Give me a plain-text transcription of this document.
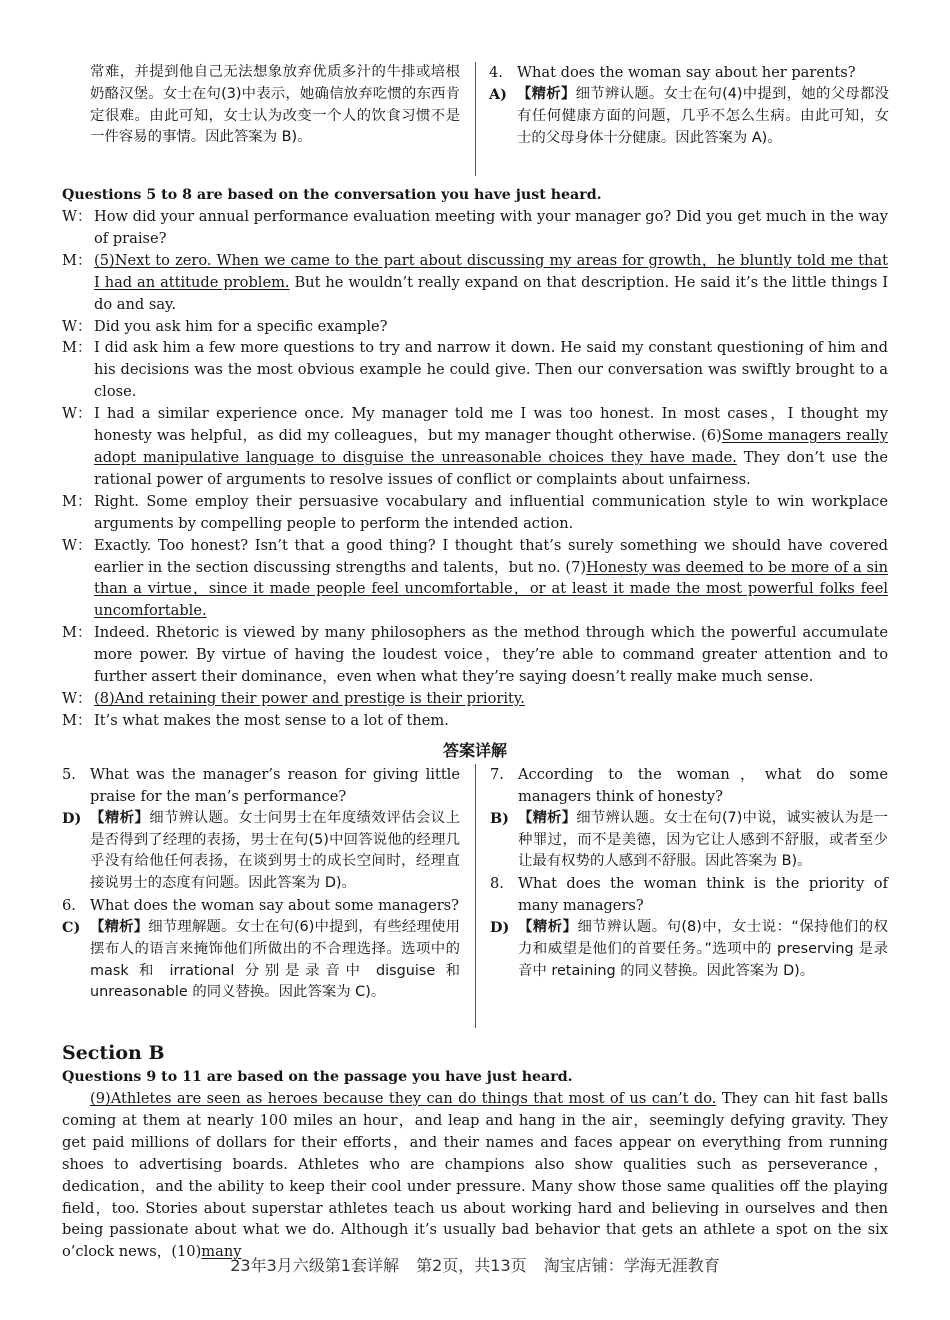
常难，并提到他自己无法想象放弃优质多汁的牛排或培根奶酪汉堡。女士在句(3)中表示，她确信放弃吃惯的东西肯定很难。由此可知，女士认为改变一个人的饮食习惯不是一件容易的事情。因此答案为 B)。
4. What does the woman say about her parents?
A) 【精析】细节辨认题。女士在句(4)中提到，她的父母都没有任何健康方面的问题，几乎不怎么生病。由此可知，女士的父母身体十分健康。因此答案为 A)。
Questions 5 to 8 are based on the conversation you have just heard.
W： How did your annual performance evaluation meeting with your manager go? Did you get much in the way of praise?
M： (5)Next to zero. When we came to the part about discussing my areas for growth，he bluntly told me that I had an attitude problem. But he wouldn’t really expand on that description. He said it’s the little things I do and say.
W： Did you ask him for a specific example?
M： I did ask him a few more questions to try and narrow it down. He said my constant questioning of him and his decisions was the most obvious example he could give. Then our conversation was swiftly brought to a close.
W： I had a similar experience once. My manager told me I was too honest. In most cases，I thought my honesty was helpful，as did my colleagues，but my manager thought otherwise. (6)Some managers really adopt manipulative language to disguise the unreasonable choices they have made. They don’t use the rational power of arguments to resolve issues of conflict or complaints about unfairness.
M： Right. Some employ their persuasive vocabulary and influential communication style to win workplace arguments by compelling people to perform the intended action.
W： Exactly. Too honest? Isn’t that a good thing? I thought that’s surely something we should have covered earlier in the section discussing strengths and talents，but no. (7)Honesty was deemed to be more of a sin than a virtue，since it made people feel uncomfortable，or at least it made the most powerful folks feel uncomfortable.
M： Indeed. Rhetoric is viewed by many philosophers as the method through which the powerful accumulate more power. By virtue of having the loudest voice，they’re able to command greater attention and to further assert their dominance，even when what they’re saying doesn’t really make much sense.
W： (8)And retaining their power and prestige is their priority.
M： It’s what makes the most sense to a lot of them.
答案详解
5. What was the manager’s reason for giving little praise for the man’s performance?
D) 【精析】细节辨认题。女士问男士在年度绩效评估会议上是否得到了经理的表扬，男士在句(5)中回答说他的经理几乎没有给他任何表扬，在谈到男士的成长空间时，经理直接说男士的态度有问题。因此答案为 D)。
6. What does the woman say about some managers?
C) 【精析】细节理解题。女士在句(6)中提到，有些经理使用摆布人的语言来掩饰他们所做出的不合理选择。选项中的 mask 和 irrational 分别是录音中 disguise 和 unreasonable 的同义替换。因此答案为 C)。
7. According to the woman，what do some managers think of honesty?
B) 【精析】细节辨认题。女士在句(7)中说，诚实被认为是一种罪过，而不是美德，因为它让人感到不舒服，或者至少让最有权势的人感到不舒服。因此答案为 B)。
8. What does the woman think is the priority of many managers?
D) 【精析】细节辨认题。句(8)中，女士说：“保持他们的权力和威望是他们的首要任务。”选项中的 preserving 是录音中 retaining 的同义替换。因此答案为 D)。
Section B
Questions 9 to 11 are based on the passage you have just heard.
(9)Athletes are seen as heroes because they can do things that most of us can’t do. They can hit fast balls coming at them at nearly 100 miles an hour，and leap and hang in the air，seemingly defying gravity. They get paid millions of dollars for their efforts，and their names and faces appear on everything from running shoes to advertising boards. Athletes who are champions also show qualities such as perseverance，dedication，and the ability to keep their cool under pressure. Many show those same qualities off the playing field，too. Stories about superstar athletes teach us about working hard and believing in ourselves and then being passionate about what we do. Although it’s usually bad behavior that gets an athlete a spot on the six o’clock news，(10)many
23年3月六级第1套详解 第2页，共13页 淘宝店铺：学海无涯教育
